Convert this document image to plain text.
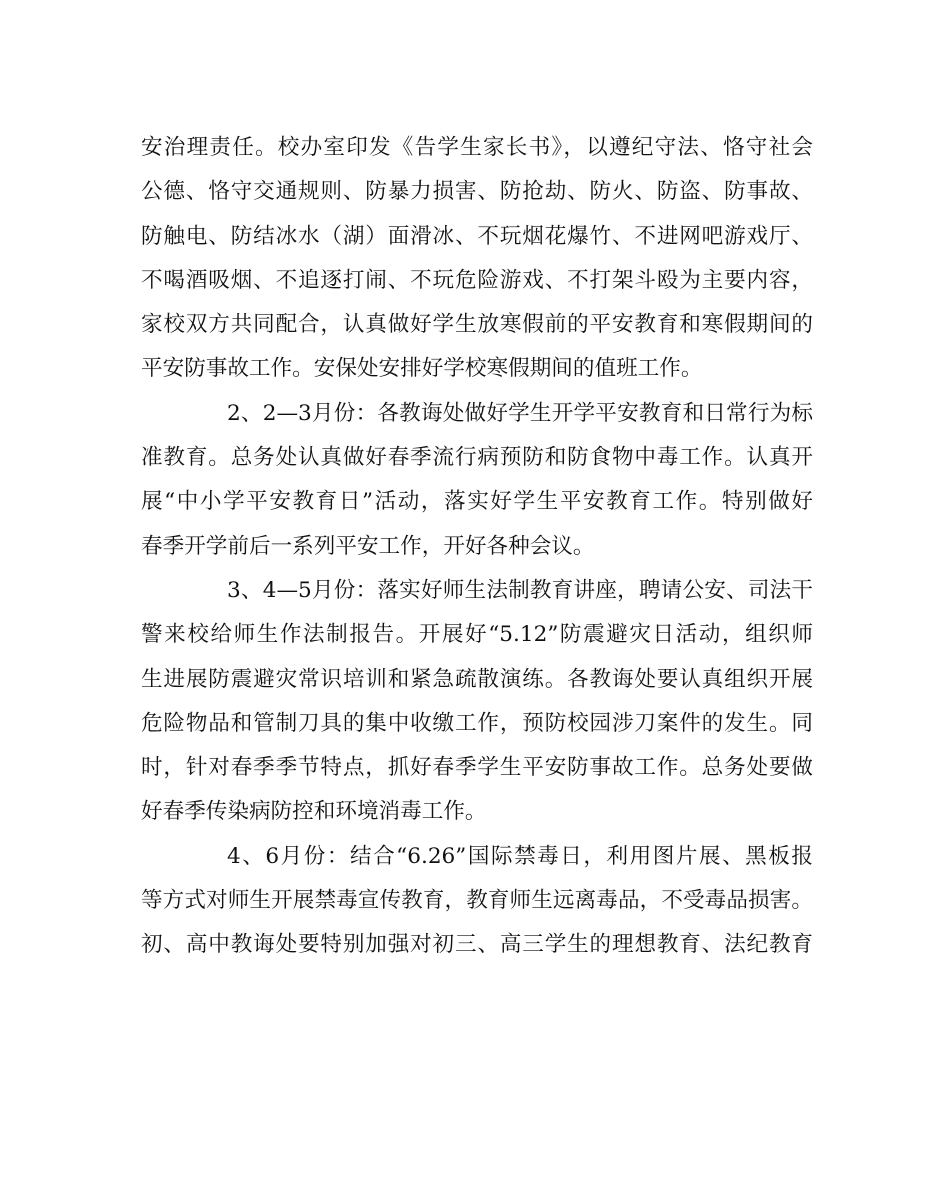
安治理责任。校办室印发《告学生家长书》，以遵纪守法、恪守社会
公德、恪守交通规则、防暴力损害、防抢劫、防火、防盗、防事故、
防触电、防结冰水（湖）面滑冰、不玩烟花爆竹、不进网吧游戏厅、
不喝酒吸烟、不追逐打闹、不玩危险游戏、不打架斗殴为主要内容，
家校双方共同配合，认真做好学生放寒假前的平安教育和寒假期间的
平安防事故工作。安保处安排好学校寒假期间的值班工作。
2、2—3月份：各教诲处做好学生开学平安教育和日常行为标
准教育。总务处认真做好春季流行病预防和防食物中毒工作。认真开
展“中小学平安教育日”活动，落实好学生平安教育工作。特别做好
春季开学前后一系列平安工作，开好各种会议。
3、4—5月份：落实好师生法制教育讲座，聘请公安、司法干
警来校给师生作法制报告。开展好“5.12”防震避灾日活动，组织师
生进展防震避灾常识培训和紧急疏散演练。各教诲处要认真组织开展
危险物品和管制刀具的集中收缴工作，预防校园涉刀案件的发生。同
时，针对春季季节特点，抓好春季学生平安防事故工作。总务处要做
好春季传染病防控和环境消毒工作。
4、6月份：结合“6.26”国际禁毒日，利用图片展、黑板报
等方式对师生开展禁毒宣传教育，教育师生远离毒品，不受毒品损害。
初、高中教诲处要特别加强对初三、高三学生的理想教育、法纪教育
